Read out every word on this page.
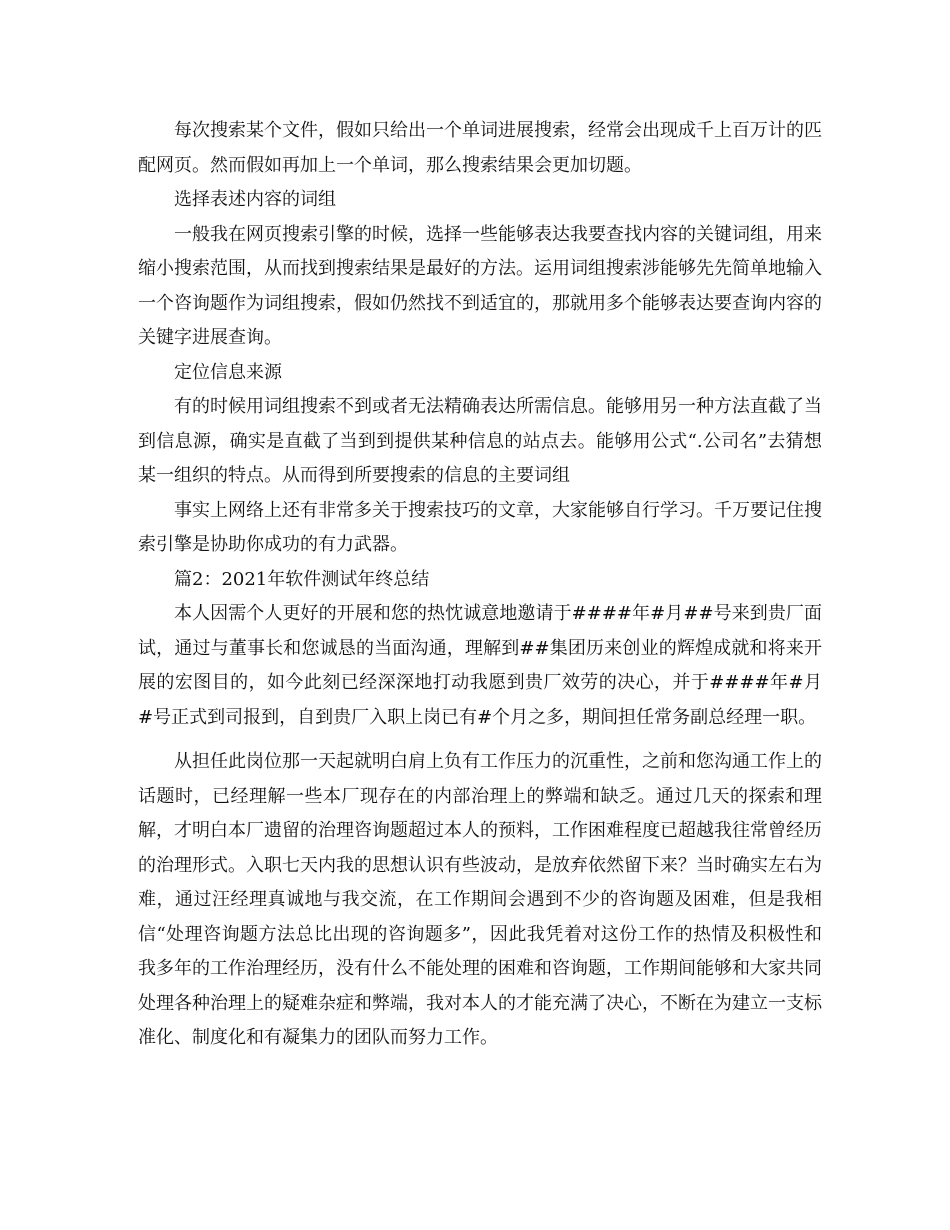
每次搜索某个文件，假如只给出一个单词进展搜索，经常会出现成千上百万计的匹配网页。然而假如再加上一个单词，那么搜索结果会更加切题。

选择表述内容的词组

一般我在网页搜索引擎的时候，选择一些能够表达我要查找内容的关键词组，用来缩小搜索范围，从而找到搜索结果是最好的方法。运用词组搜索涉能够先先简单地输入一个咨询题作为词组搜索，假如仍然找不到适宜的，那就用多个能够表达要查询内容的关键字进展查询。

定位信息来源

有的时候用词组搜索不到或者无法精确表达所需信息。能够用另一种方法直截了当到信息源，确实是直截了当到到提供某种信息的站点去。能够用公式“.公司名”去猜想某一组织的特点。从而得到所要搜索的信息的主要词组

事实上网络上还有非常多关于搜索技巧的文章，大家能够自行学习。千万要记住搜索引擎是协助你成功的有力武器。

篇2：2021年软件测试年终总结

本人因需个人更好的开展和您的热忱诚意地邀请于####年#月##号来到贵厂面试，通过与董事长和您诚恳的当面沟通，理解到##集团历来创业的辉煌成就和将来开展的宏图目的，如今此刻已经深深地打动我愿到贵厂效劳的决心，并于####年#月#号正式到司报到，自到贵厂入职上岗已有#个月之多，期间担任常务副总经理一职。

从担任此岗位那一天起就明白肩上负有工作压力的沉重性，之前和您沟通工作上的话题时，已经理解一些本厂现存在的内部治理上的弊端和缺乏。通过几天的探索和理解，才明白本厂遗留的治理咨询题超过本人的预料，工作困难程度已超越我往常曾经历的治理形式。入职七天内我的思想认识有些波动，是放弃依然留下来？当时确实左右为难，通过汪经理真诚地与我交流，在工作期间会遇到不少的咨询题及困难，但是我相信“处理咨询题方法总比出现的咨询题多”，因此我凭着对这份工作的热情及积极性和我多年的工作治理经历，没有什么不能处理的困难和咨询题，工作期间能够和大家共同处理各种治理上的疑难杂症和弊端，我对本人的才能充满了决心，不断在为建立一支标准化、制度化和有凝集力的团队而努力工作。
